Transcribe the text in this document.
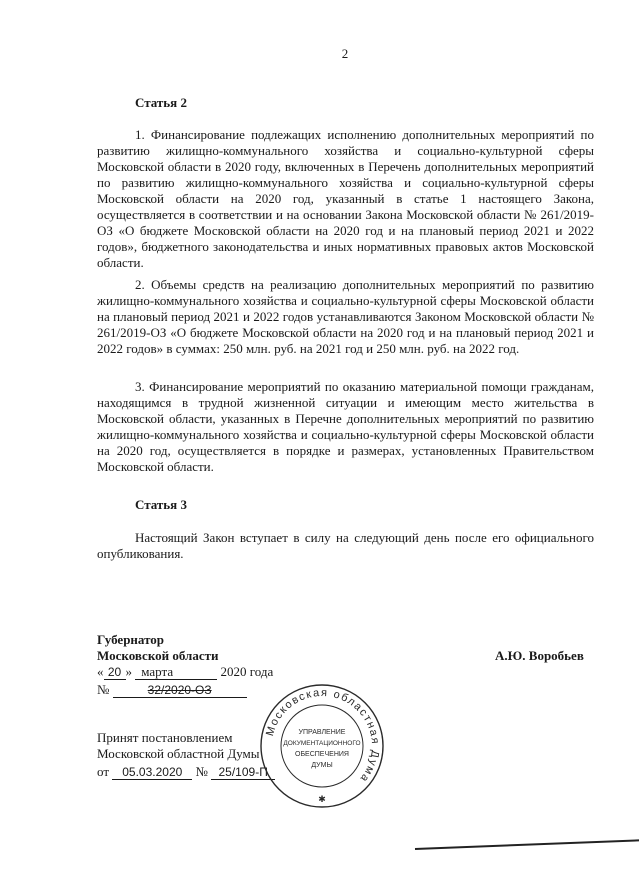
2
Статья 2

1. Финансирование подлежащих исполнению дополнительных мероприятий по развитию жилищно-коммунального хозяйства и социально-культурной сферы Московской области в 2020 году, включенных в Перечень дополнительных мероприятий по развитию жилищно-коммунального хозяйства и социально-культурной сферы Московской области на 2020 год, указанный в статье 1 настоящего Закона, осуществляется в соответствии и на основании Закона Московской области № 261/2019-ОЗ «О бюджете Московской области на 2020 год и на плановый период 2021 и 2022 годов», бюджетного законодательства и иных нормативных правовых актов Московской области.

2. Объемы средств на реализацию дополнительных мероприятий по развитию жилищно-коммунального хозяйства и социально-культурной сферы Московской области на плановый период 2021 и 2022 годов устанавливаются Законом Московской области № 261/2019-ОЗ «О бюджете Московской области на 2020 год и на плановый период 2021 и 2022 годов» в суммах: 250 млн. руб. на 2021 год и 250 млн. руб. на 2022 год.

3. Финансирование мероприятий по оказанию материальной помощи гражданам, находящимся в трудной жизненной ситуации и имеющим место жительства в Московской области, указанных в Перечне дополнительных мероприятий по развитию жилищно-коммунального хозяйства и социально-культурной сферы Московской области на 2020 год, осуществляется в порядке и размерах, установленных Правительством Московской области.

Статья 3

Настоящий Закон вступает в силу на следующий день после его официального опубликования.

Губернатор
Московской области	А.Ю. Воробьев
« 20 » марта	2020 года
№	32/2020-ОЗ
Принят постановлением
Московской областной Думы
от 05.03.2020 № 25/109-П
Московская областная Дума
УПРАВЛЕНИЕ
ДОКУМЕНТАЦИОННОГО
ОБЕСПЕЧЕНИЯ
ДУМЫ
✱
